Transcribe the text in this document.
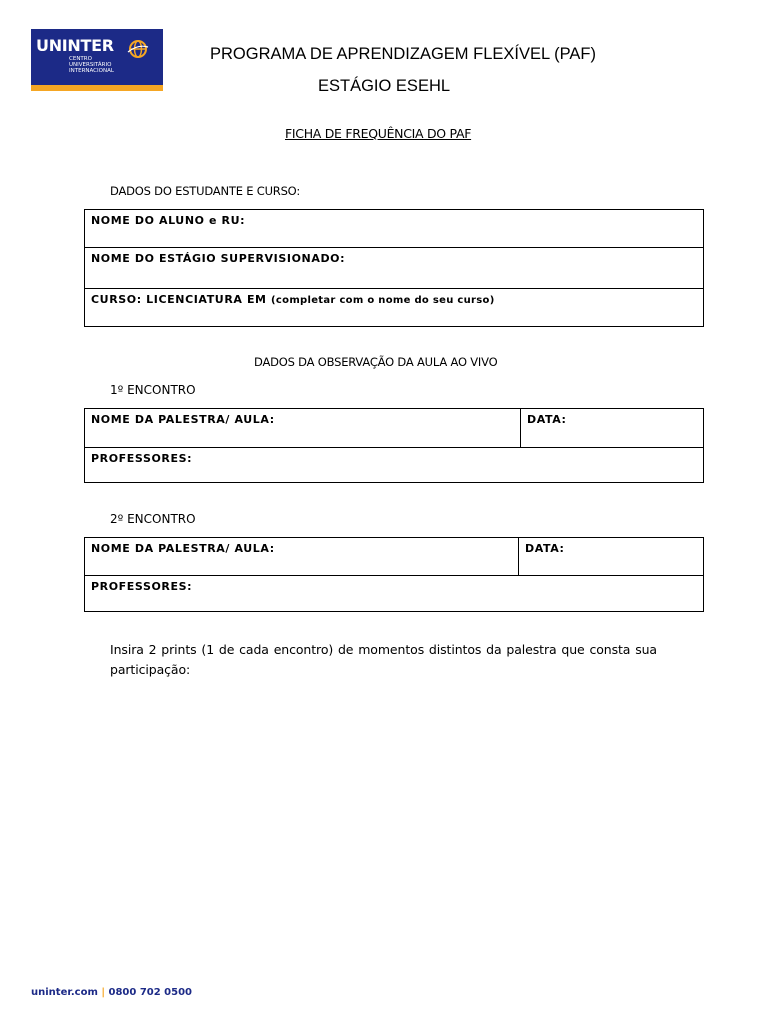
UNINTER
CENTRO
UNIVERSITÁRIO
INTERNACIONAL
PROGRAMA DE APRENDIZAGEM FLEXÍVEL (PAF)
ESTÁGIO ESEHL
FICHA DE FREQUÊNCIA DO PAF
DADOS DO ESTUDANTE E CURSO:
NOME DO ALUNO e RU:
NOME DO ESTÁGIO SUPERVISIONADO:
CURSO: LICENCIATURA EM (completar com o nome do seu curso)
DADOS DA OBSERVAÇÃO DA AULA AO VIVO
1º ENCONTRO
NOME DA PALESTRA/ AULA:	DATA:
PROFESSORES:
2º ENCONTRO
NOME DA PALESTRA/ AULA:	DATA:
PROFESSORES:
Insira 2 prints (1 de cada encontro) de momentos distintos da palestra que consta sua participação:
uninter.com | 0800 702 0500
